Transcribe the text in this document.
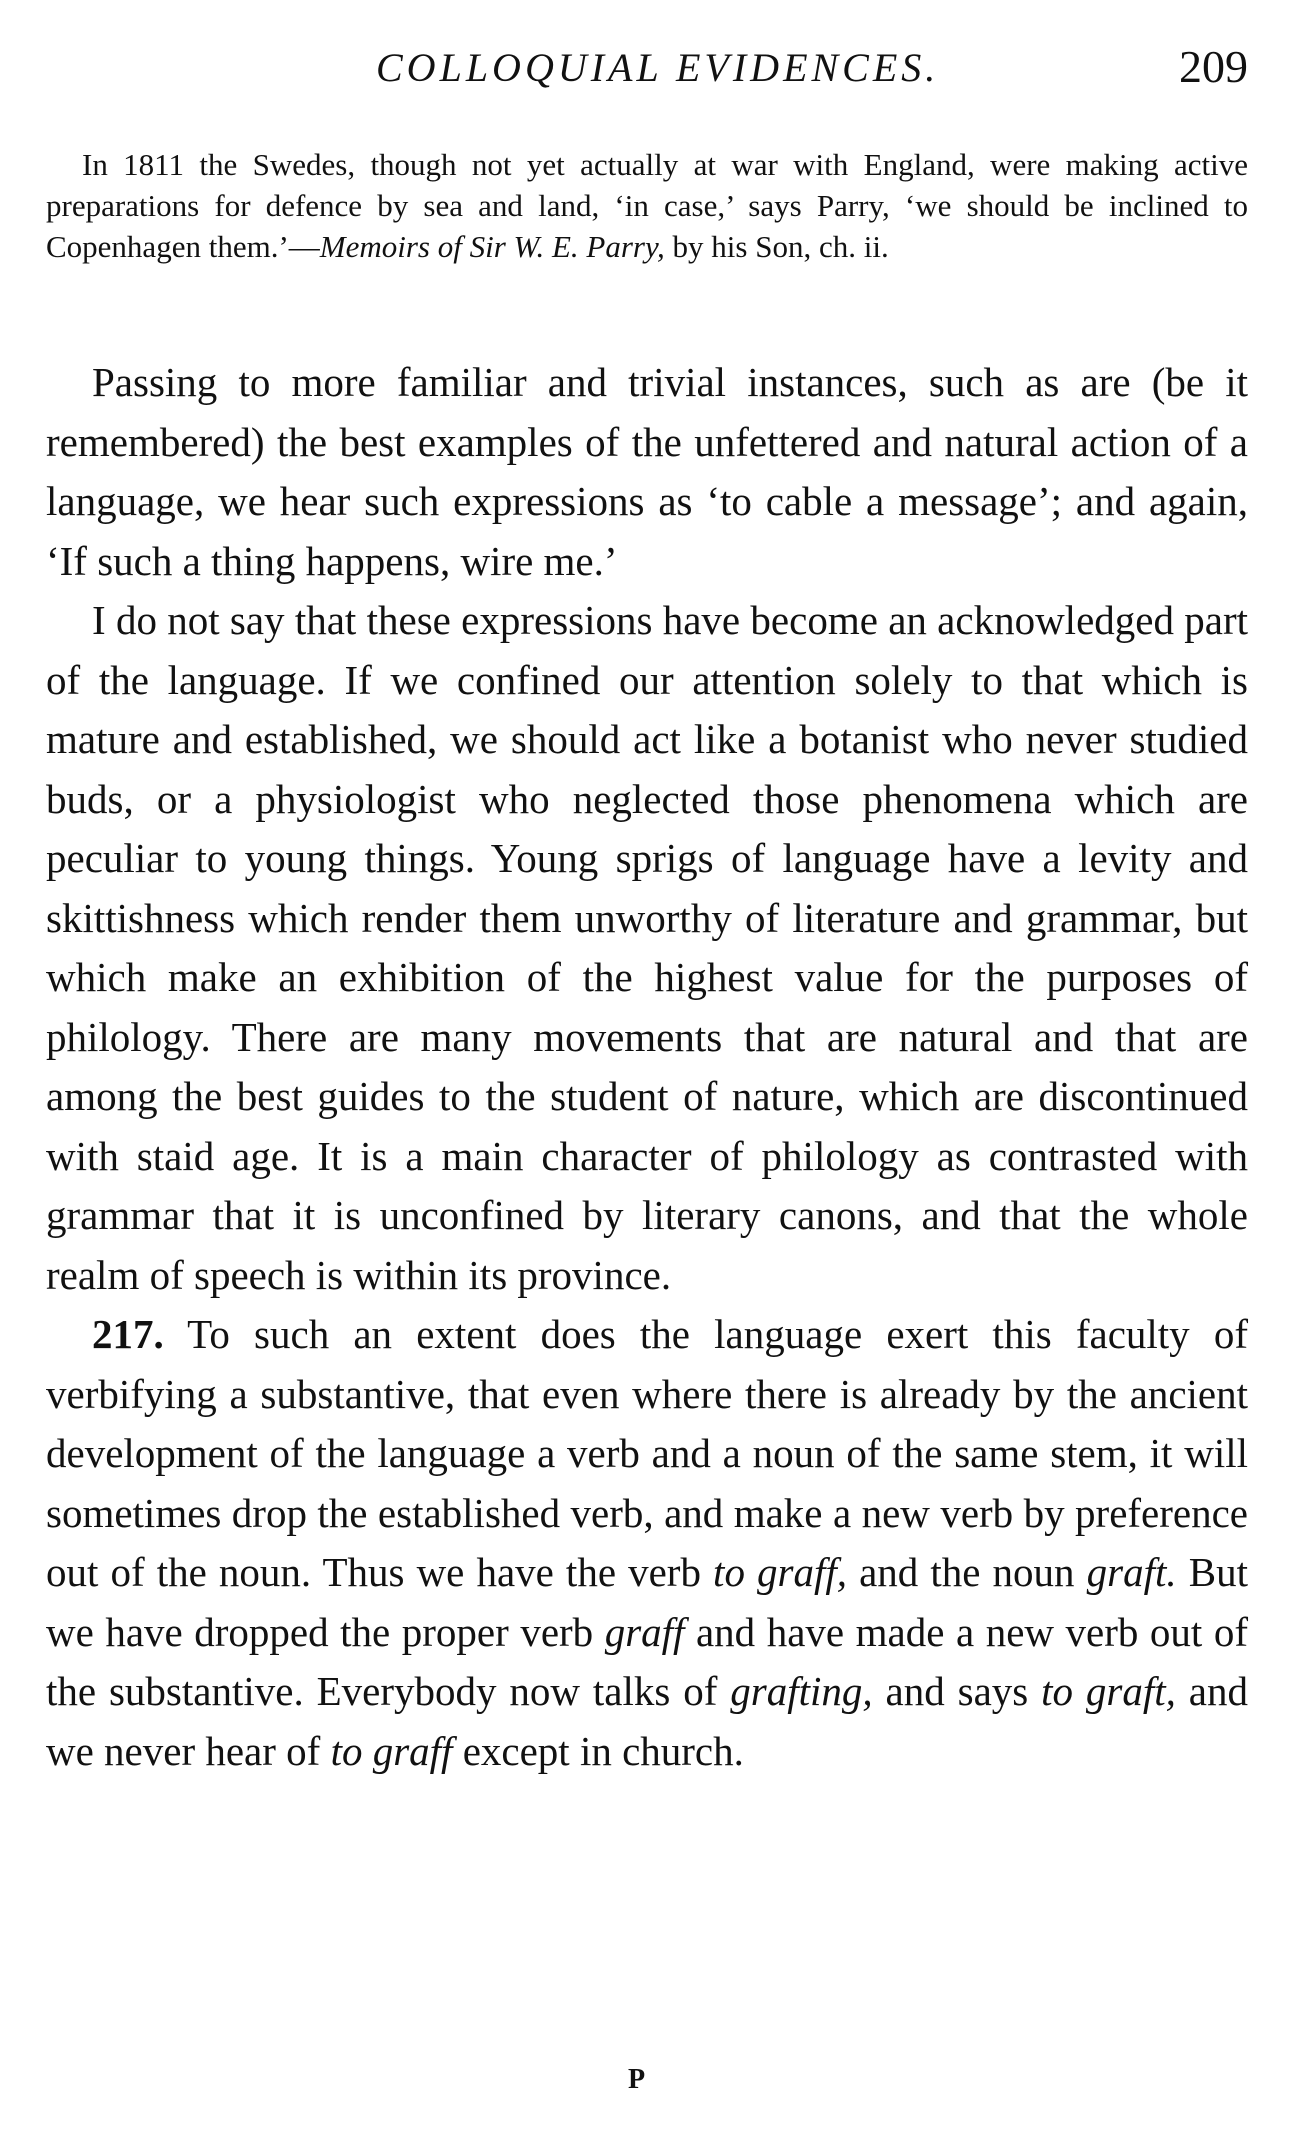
COLLOQUIAL EVIDENCES.	209

In 1811 the Swedes, though not yet actually at war with England, were making active preparations for defence by sea and land, ‘in case,’ says Parry, ‘we should be inclined to Copenhagen them.’—Memoirs of Sir W. E. Parry, by his Son, ch. ii.

Passing to more familiar and trivial instances, such as are (be it remembered) the best examples of the unfettered and natural action of a language, we hear such expressions as ‘to cable a message’; and again, ‘If such a thing happens, wire me.’

I do not say that these expressions have become an acknowledged part of the language. If we confined our attention solely to that which is mature and established, we should act like a botanist who never studied buds, or a physiologist who neglected those phenomena which are peculiar to young things. Young sprigs of language have a levity and skittishness which render them unworthy of literature and grammar, but which make an exhibition of the highest value for the purposes of philology. There are many movements that are natural and that are among the best guides to the student of nature, which are discontinued with staid age. It is a main character of philology as contrasted with grammar that it is unconfined by literary canons, and that the whole realm of speech is within its province.

217. To such an extent does the language exert this faculty of verbifying a substantive, that even where there is already by the ancient development of the language a verb and a noun of the same stem, it will sometimes drop the established verb, and make a new verb by preference out of the noun. Thus we have the verb to graff, and the noun graft. But we have dropped the proper verb graff and have made a new verb out of the substantive. Everybody now talks of grafting, and says to graft, and we never hear of to graff except in church.

P
